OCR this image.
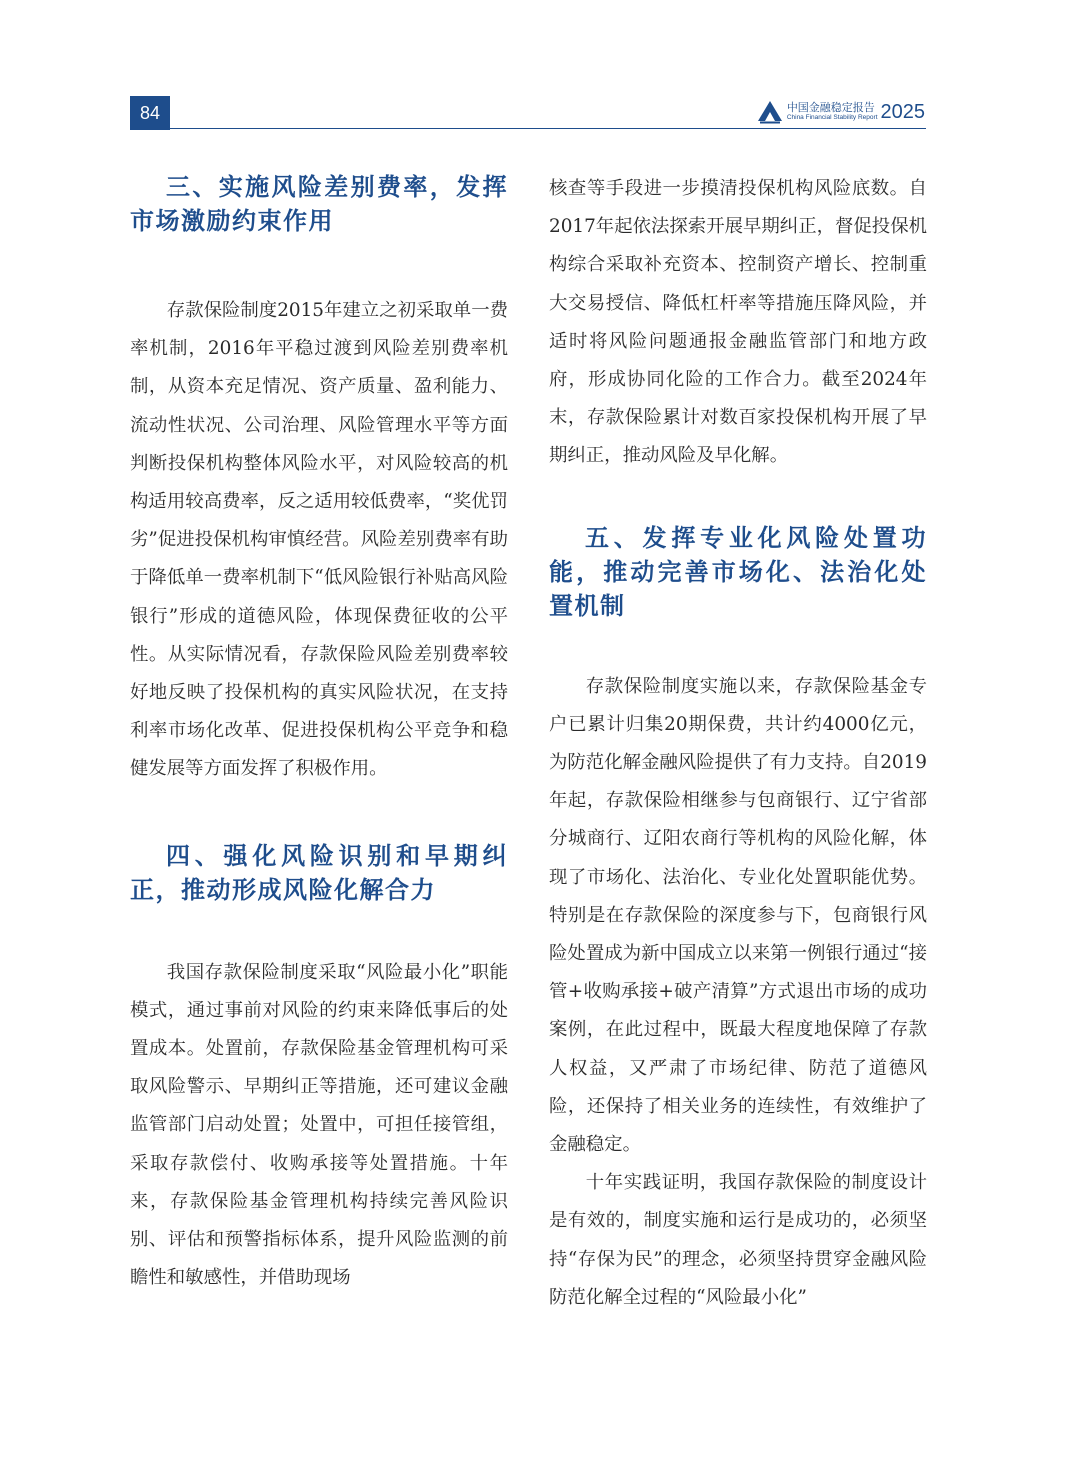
84	中国金融稳定报告
China Financial Stability Report 2025
三、实施风险差别费率，发挥市场激励约束作用

存款保险制度2015年建立之初采取单一费率机制，2016年平稳过渡到风险差别费率机制，从资本充足情况、资产质量、盈利能力、流动性状况、公司治理、风险管理水平等方面判断投保机构整体风险水平，对风险较高的机构适用较高费率，反之适用较低费率，“奖优罚劣”促进投保机构审慎经营。风险差别费率有助于降低单一费率机制下“低风险银行补贴高风险银行”形成的道德风险，体现保费征收的公平性。从实际情况看，存款保险风险差别费率较好地反映了投保机构的真实风险状况，在支持利率市场化改革、促进投保机构公平竞争和稳健发展等方面发挥了积极作用。

四、强化风险识别和早期纠正，推动形成风险化解合力

我国存款保险制度采取“风险最小化”职能模式，通过事前对风险的约束来降低事后的处置成本。处置前，存款保险基金管理机构可采取风险警示、早期纠正等措施，还可建议金融监管部门启动处置；处置中，可担任接管组，采取存款偿付、收购承接等处置措施。十年来，存款保险基金管理机构持续完善风险识别、评估和预警指标体系，提升风险监测的前瞻性和敏感性，并借助现场

核查等手段进一步摸清投保机构风险底数。自2017年起依法探索开展早期纠正，督促投保机构综合采取补充资本、控制资产增长、控制重大交易授信、降低杠杆率等措施压降风险，并适时将风险问题通报金融监管部门和地方政府，形成协同化险的工作合力。截至2024年末，存款保险累计对数百家投保机构开展了早期纠正，推动风险及早化解。

五、发挥专业化风险处置功能，推动完善市场化、法治化处置机制

存款保险制度实施以来，存款保险基金专户已累计归集20期保费，共计约4000亿元，为防范化解金融风险提供了有力支持。自2019年起，存款保险相继参与包商银行、辽宁省部分城商行、辽阳农商行等机构的风险化解，体现了市场化、法治化、专业化处置职能优势。特别是在存款保险的深度参与下，包商银行风险处置成为新中国成立以来第一例银行通过“接管+收购承接+破产清算”方式退出市场的成功案例，在此过程中，既最大程度地保障了存款人权益，又严肃了市场纪律、防范了道德风险，还保持了相关业务的连续性，有效维护了金融稳定。

十年实践证明，我国存款保险的制度设计是有效的，制度实施和运行是成功的，必须坚持“存保为民”的理念，必须坚持贯穿金融风险防范化解全过程的“风险最小化”
